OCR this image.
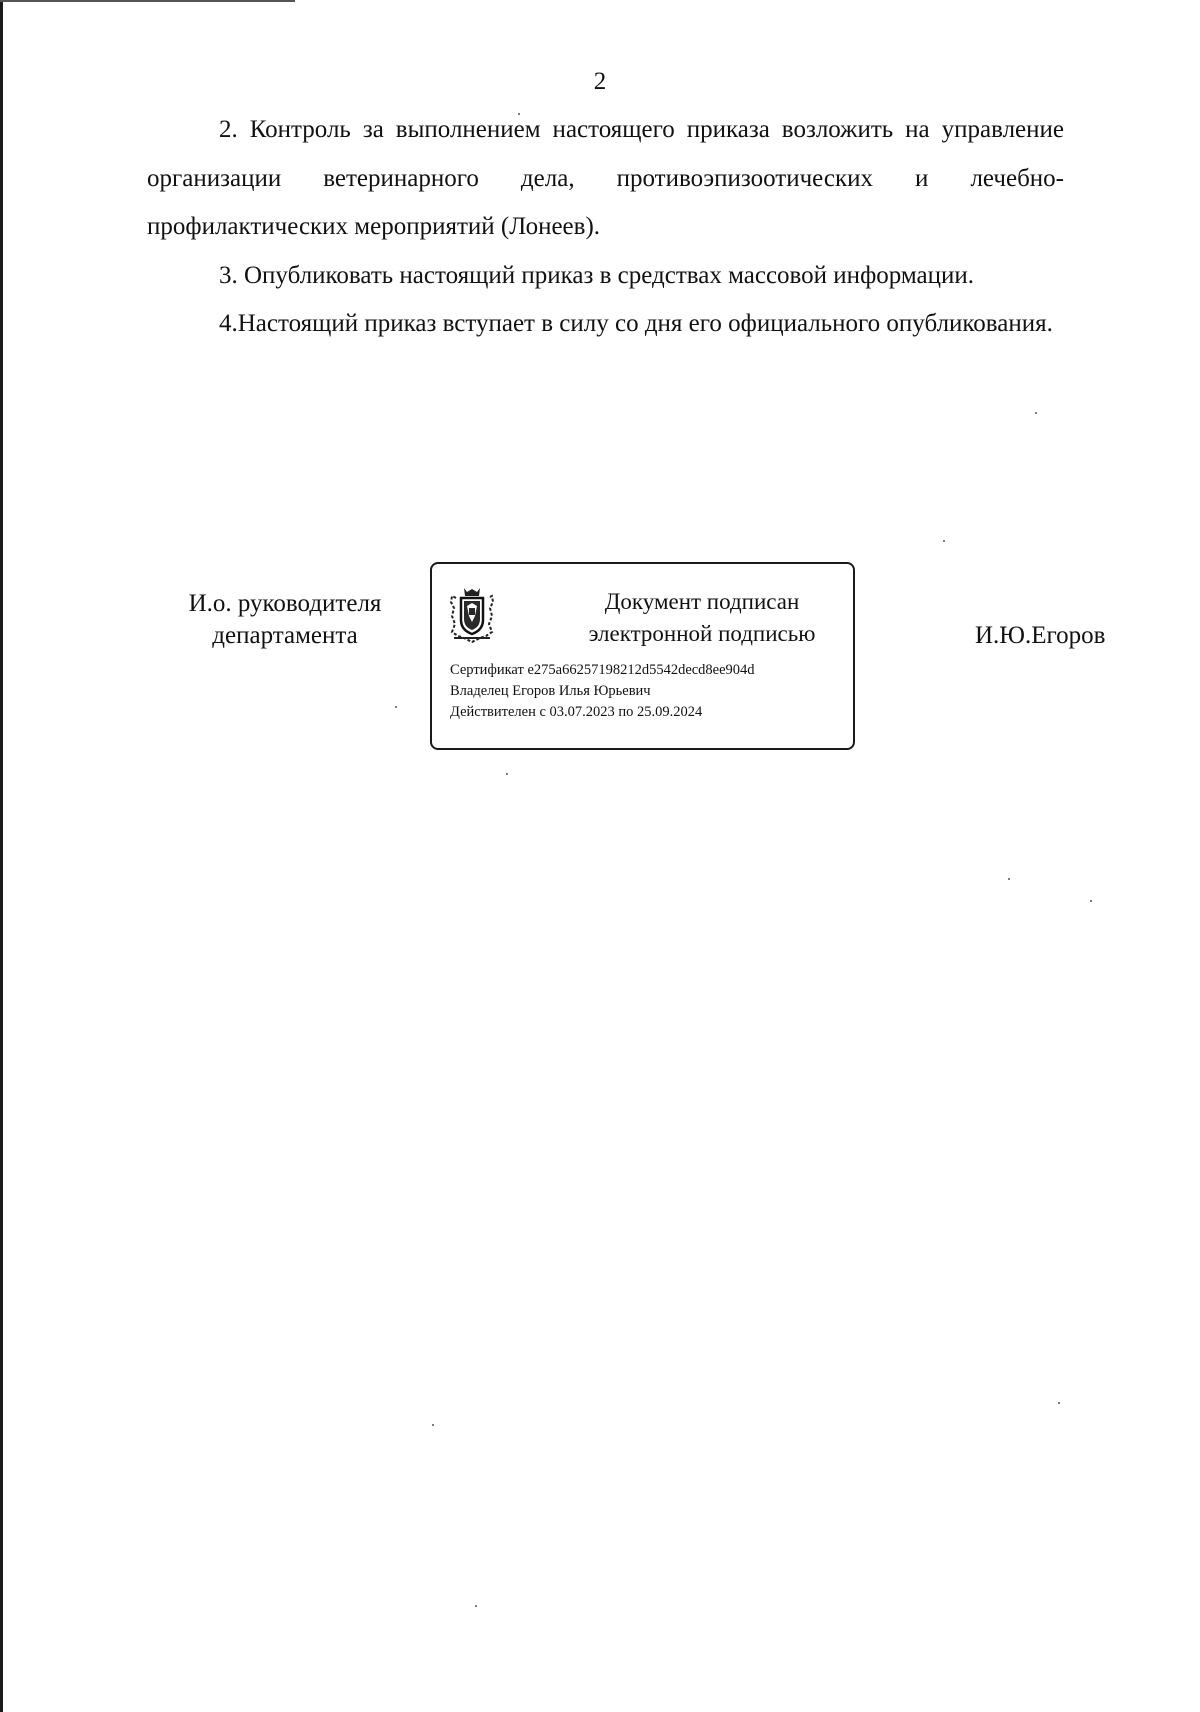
2

2. Контроль за выполнением настоящего приказа возложить на управление организации ветеринарного дела, противоэпизоотических и лечебно-профилактических мероприятий (Лонеев).

3. Опубликовать настоящий приказ в средствах массовой информации.

4.Настоящий приказ вступает в силу со дня его официального опубликования.

И.о. руководителя
департамента
Документ подписан
электронной подписью
Сертификат e275a66257198212d5542decd8ee904d
Владелец Егоров Илья Юрьевич
Действителен с 03.07.2023 по 25.09.2024
И.Ю.Егоров
